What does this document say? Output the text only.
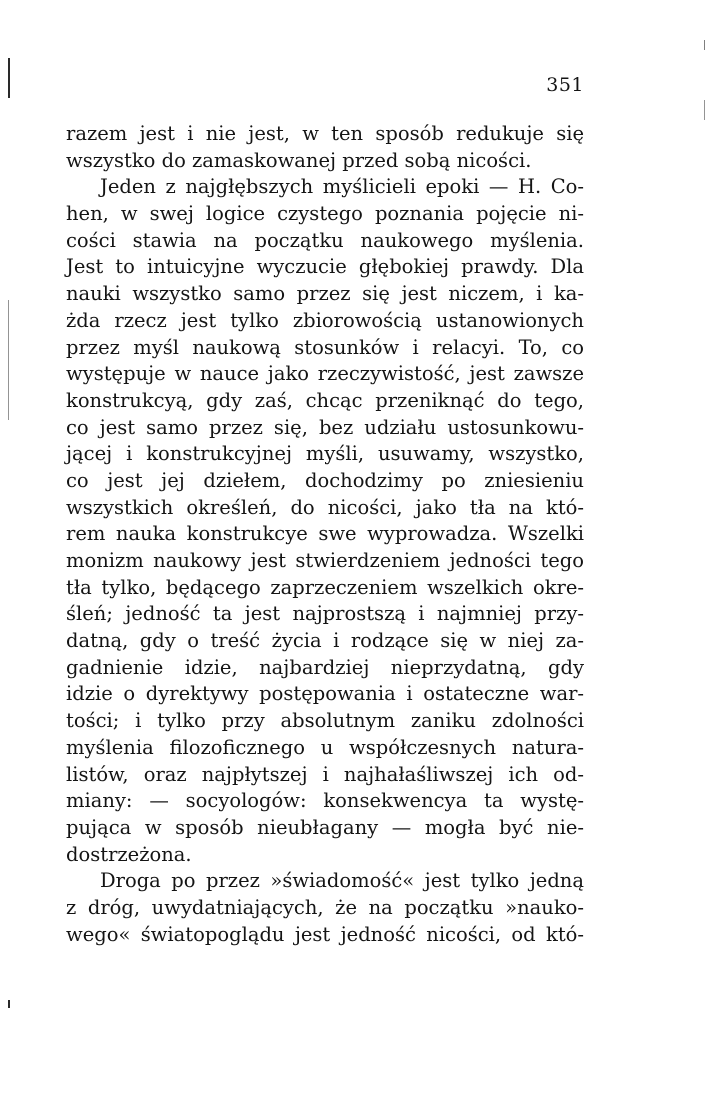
351
razem jest i nie jest, w ten sposób redukuje się
wszystko do zamaskowanej przed sobą nicości.
Jeden z najgłębszych myślicieli epoki — H. Co-
hen, w swej logice czystego poznania pojęcie ni-
cości stawia na początku naukowego myślenia.
Jest to intuicyjne wyczucie głębokiej prawdy. Dla
nauki wszystko samo przez się jest niczem, i ka-
żda rzecz jest tylko zbiorowością ustanowionych
przez myśl naukową stosunków i relacyi. To, co
występuje w nauce jako rzeczywistość, jest zawsze
konstrukcyą, gdy zaś, chcąc przeniknąć do tego,
co jest samo przez się, bez udziału ustosunkowu-
jącej i konstrukcyjnej myśli, usuwamy, wszystko,
co jest jej dziełem, dochodzimy po zniesieniu
wszystkich określeń, do nicości, jako tła na któ-
rem nauka konstrukcye swe wyprowadza. Wszelki
monizm naukowy jest stwierdzeniem jedności tego
tła tylko, będącego zaprzeczeniem wszelkich okre-
śleń; jedność ta jest najprostszą i najmniej przy-
datną, gdy o treść życia i rodzące się w niej za-
gadnienie idzie, najbardziej nieprzydatną, gdy
idzie o dyrektywy postępowania i ostateczne war-
tości; i tylko przy absolutnym zaniku zdolności
myślenia filozoficznego u współczesnych natura-
listów, oraz najpłytszej i najhałaśliwszej ich od-
miany: — socyologów: konsekwencya ta wystę-
pująca w sposób nieubłagany — mogła być nie-
dostrzeżona.
Droga po przez »świadomość« jest tylko jedną
z dróg, uwydatniających, że na początku »nauko-
wego« światopoglądu jest jedność nicości, od któ-
